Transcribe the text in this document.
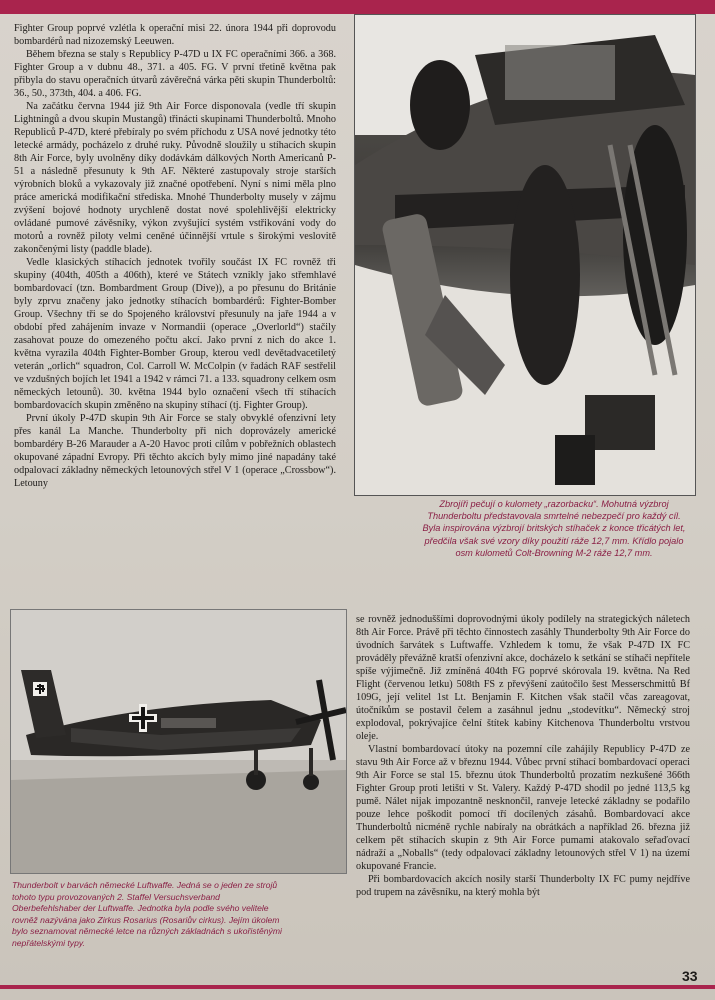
Fighter Group poprvé vzlétla k operační misi 22. února 1944 při doprovodu bombardérů nad nizozemský Leeuwen.

Během března se staly s Republicy P-47D u IX FC operačními 366. a 368. Fighter Group a v dubnu 48., 371. a 405. FG. V první třetině května pak přibyla do stavu operačních útvarů závěrečná várka pěti skupin Thunderboltů: 36., 50., 373th, 404. a 406. FG.

Na začátku června 1944 již 9th Air Force disponovala (vedle tří skupin Lightningů a dvou skupin Mustangů) třinácti skupinami Thunderboltů. Mnoho Republiců P-47D, které přebíraly po svém příchodu z USA nové jednotky této letecké armády, pocházelo z druhé ruky. Původně sloužily u stíhacích skupin 8th Air Force, byly uvolněny díky dodávkám dálkových North Americanů P-51 a následně přesunuty k 9th AF. Některé zastupovaly stroje starších výrobních bloků a vykazovaly již značné opotřebení. Nyní s nimi měla plno práce americká modifikační střediska. Mnohé Thunderbolty musely v zájmu zvýšení bojové hodnoty urychleně dostat nové spolehlivější elektricky ovládané pumové závěsníky, výkon zvyšující systém vstřikování vody do motorů a rovněž piloty velmi ceněné účinnější vrtule s širokými veslovitě zakončenými listy (paddle blade).

Vedle klasických stíhacích jednotek tvořily součást IX FC rovněž tři skupiny (404th, 405th a 406th), které ve Státech vznikly jako střemhlavé bombardovací (tzn. Bombardment Group (Dive)), a po přesunu do Británie byly zprvu značeny jako jednotky stíhacích bombardérů: Fighter-Bomber Group. Všechny tři se do Spojeného království přesunuly na jaře 1944 a v období před zahájením invaze v Normandii (operace „Overlorld“) stačily zasahovat pouze do omezeného počtu akcí. Jako první z nich do akce 1. května vyrazila 404th Fighter-Bomber Group, kterou vedl devětadvacetiletý veterán „orlich“ squadron, Col. Carroll W. McColpin (v řadách RAF sestřelil ve vzdušných bojích let 1941 a 1942 v rámci 71. a 133. squadrony celkem osm německých letounů). 30. května 1944 bylo označení všech tří stíhacích bombardovacích skupin změněno na skupiny stíhací (tj. Fighter Group).

První úkoly P-47D skupin 9th Air Force se staly obvyklé ofenzivní lety přes kanál La Manche. Thunderbolty při nich doprovázely americké bombardéry B-26 Marauder a A-20 Havoc proti cílům v pobřežních oblastech okupované západní Evropy. Při těchto akcích byly mimo jiné napadány také odpalovací základny německých letounových střel V 1 (operace „Crossbow“). Letouny

Zbrojíři pečují o kulomety „razorbacku“. Mohutná výzbroj Thunderboltu představovala smrtelné nebezpečí pro každý cíl. Byla inspirována výzbrojí britských stíhaček z konce třicátých let, předčila však své vzory díky použití ráže 12,7 mm. Křídlo pojalo osm kulometů Colt-Browning M-2 ráže 12,7 mm.
Thunderbolt v barvách německé Luftwaffe. Jedná se o jeden ze strojů tohoto typu provozovaných 2. Staffel Versuchsverband Oberbefehlshaber der Luftwaffe. Jednotka byla podle svého velitele rovněž nazývána jako Zirkus Rosarius (Rosariův cirkus). Jejím úkolem bylo seznamovat německé letce na různých základnách s ukořistěnými nepřátelskými typy.

se rovněž jednoduššími doprovodnými úkoly podílely na strategických náletech 8th Air Force. Právě při těchto činnostech zasáhly Thunderbolty 9th Air Force do úvodních šarvátek s Luftwaffe. Vzhledem k tomu, že však P-47D IX FC prováděly převážně kratší ofenzivní akce, docházelo k setkání se stíhači nepřítele spíše výjimečně. Již zmíněná 404th FG poprvé skórovala 19. května. Na Red Flight (červenou letku) 508th FS z převýšení zaútočilo šest Messerschmittů Bf 109G, její velitel 1st Lt. Benjamin F. Kitchen však stačil včas zareagovat, útočníkům se postavil čelem a zasáhnul jednu „stodevítku“. Německý stroj explodoval, pokrývajíce čelní štítek kabiny Kitchenova Thunderboltu vrstvou oleje.

Vlastní bombardovací útoky na pozemní cíle zahájily Republicy P-47D ze stavu 9th Air Force až v březnu 1944. Vůbec první stíhací bombardovací operaci 9th Air Force se stal 15. březnu útok Thunderboltů prozatím nezkušené 366th Fighter Group proti letišti v St. Valery. Každý P-47D shodil po jedné 113,5 kg pumě. Nálet nijak impozantně nesknončil, ranveje letecké základny se podařilo pouze lehce poškodit pomocí tří docílených zásahů. Bombardovací akce Thunderboltů nicméně rychle nabíraly na obrátkách a například 26. března již celkem pět stíhacích skupin z 9th Air Force pumami atakovalo seřaďovací nádraží a „Noballs“ (tedy odpalovací základny letounových střel V 1) na území okupované Francie.

Při bombardovacích akcích nosily starší Thunderbolty IX FC pumy nejdříve pod trupem na závěsníku, na který mohla být

33
